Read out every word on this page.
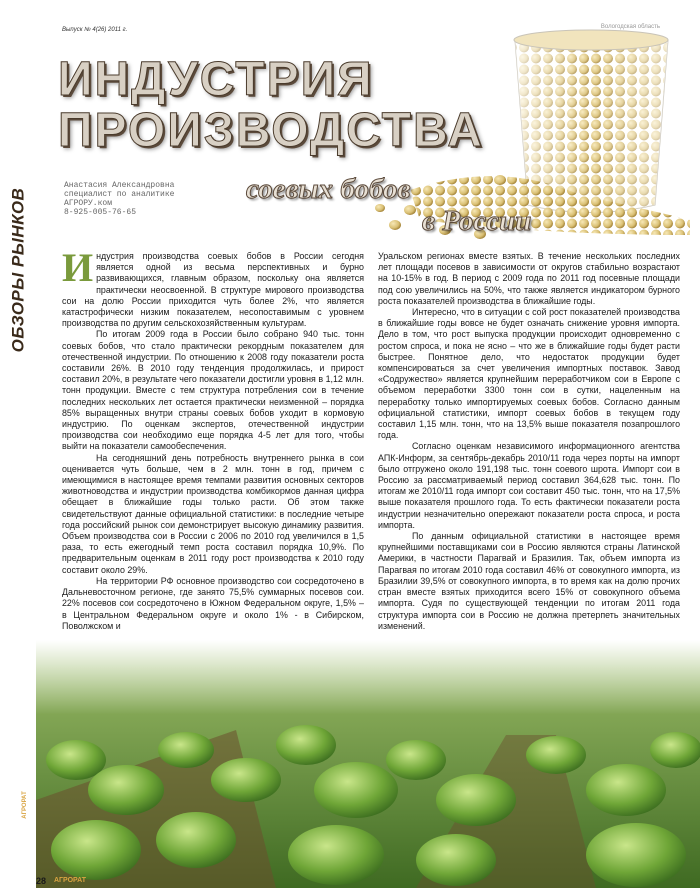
ОБЗОРЫ РЫНКОВ
Выпуск № 4(26) 2011 г.	Вологодская область
ИНДУСТРИЯ
ПРОИЗВОДСТВА
Анастасия Александровна
специалист по аналитике
АГРОРУ.ком
8-925-005-76-65
соевых бобов
в России

Индустрия производства соевых бобов в России сегодня является одной из весьма перспективных и бурно развивающихся, главным образом, поскольку она является практически неосвоенной. В структуре мирового производства сои на долю России приходится чуть более 2%, что является катастрофически низким показателем, несопоставимым с уровнем производства по другим сельскохозяйственным культурам.

По итогам 2009 года в России было собрано 940 тыс. тонн соевых бобов, что стало практически рекордным показателем для отечественной индустрии. По отношению к 2008 году показатели роста составили 26%. В 2010 году тенденция продолжилась, и прирост составил 20%, в результате чего показатели достигли уровня в 1,12 млн. тонн продукции. Вместе с тем структура потребления сои в течение последних нескольких лет остается практически неизменной – порядка 85% выращенных внутри страны соевых бобов уходит в кормовую индустрию. По оценкам экспертов, отечественной индустрии производства сои необходимо еще порядка 4-5 лет для того, чтобы выйти на показатели самообеспечения.

На сегодняшний день потребность внутреннего рынка в сои оценивается чуть больше, чем в 2 млн. тонн в год, причем с имеющимися в настоящее время темпами развития основных секторов животноводства и индустрии производства комбикормов данная цифра обещает в ближайшие годы только расти. Об этом также свидетельствуют данные официальной статистики: в последние четыре года российский рынок сои демонстрирует высокую динамику развития. Объем производства сои в России с 2006 по 2010 год увеличился в 1,5 раза, то есть ежегодный темп роста составил порядка 10,9%. По предварительным оценкам в 2011 году рост производства к 2010 году составит около 29%.

На территории РФ основное производство сои сосредоточено в Дальневосточном регионе, где занято 75,5% суммарных посевов сои. 22% посевов сои сосредоточено в Южном Федеральном округе, 1,5% – в Центральном Федеральном округе и около 1% - в Сибирском, Поволжском и

Уральском регионах вместе взятых. В течение нескольких последних лет площади посевов в зависимости от округов стабильно возрастают на 10-15% в год. В период с 2009 года по 2011 год посевные площади под сою увеличились на 50%, что также является индикатором бурного роста показателей производства в ближайшие годы.

Интересно, что в ситуации с сой рост показателей производства в ближайшие годы вовсе не будет означать снижение уровня импорта. Дело в том, что рост выпуска продукции происходит одновременно с ростом спроса, и пока не ясно – что же в ближайшие годы будет расти быстрее. Понятное дело, что недостаток продукции будет компенсироваться за счет увеличения импортных поставок. Завод «Содружество» является крупнейшим переработчиком сои в Европе с объемом переработки 3300 тонн сои в сутки, нацеленным на переработку только импортируемых соевых бобов. Согласно данным официальной статистики, импорт соевых бобов в текущем году составил 1,15 млн. тонн, что на 13,5% выше показателя позапрошлого года.

Согласно оценкам независимого информационного агентства АПК-Информ, за сентябрь-декабрь 2010/11 года через порты на импорт было отгружено около 191,198 тыс. тонн соевого шрота. Импорт сои в Россию за рассматриваемый период составил 364,628 тыс. тонн. По итогам же 2010/11 года импорт сои составит 450 тыс. тонн, что на 17,5% выше показателя прошлого года. То есть фактически показатели роста индустрии незначительно опережают показатели роста спроса, и роста импорта.

По данным официальной статистики в настоящее время крупнейшими поставщиками сои в Россию являются страны Латинской Америки, в частности Парагвай и Бразилия. Так, объем импорта из Парагвая по итогам 2010 года составил 46% от совокупного импорта, из Бразилии 39,5% от совокупного импорта, в то время как на долю прочих стран вместе взятых приходится всего 15% от совокупного объема импорта. Судя по существующей тенденции по итогам 2011 года структура импорта сои в Россию не должна претерпеть значительных изменений.

АГРОРАТ
28 АГРОРАТ
